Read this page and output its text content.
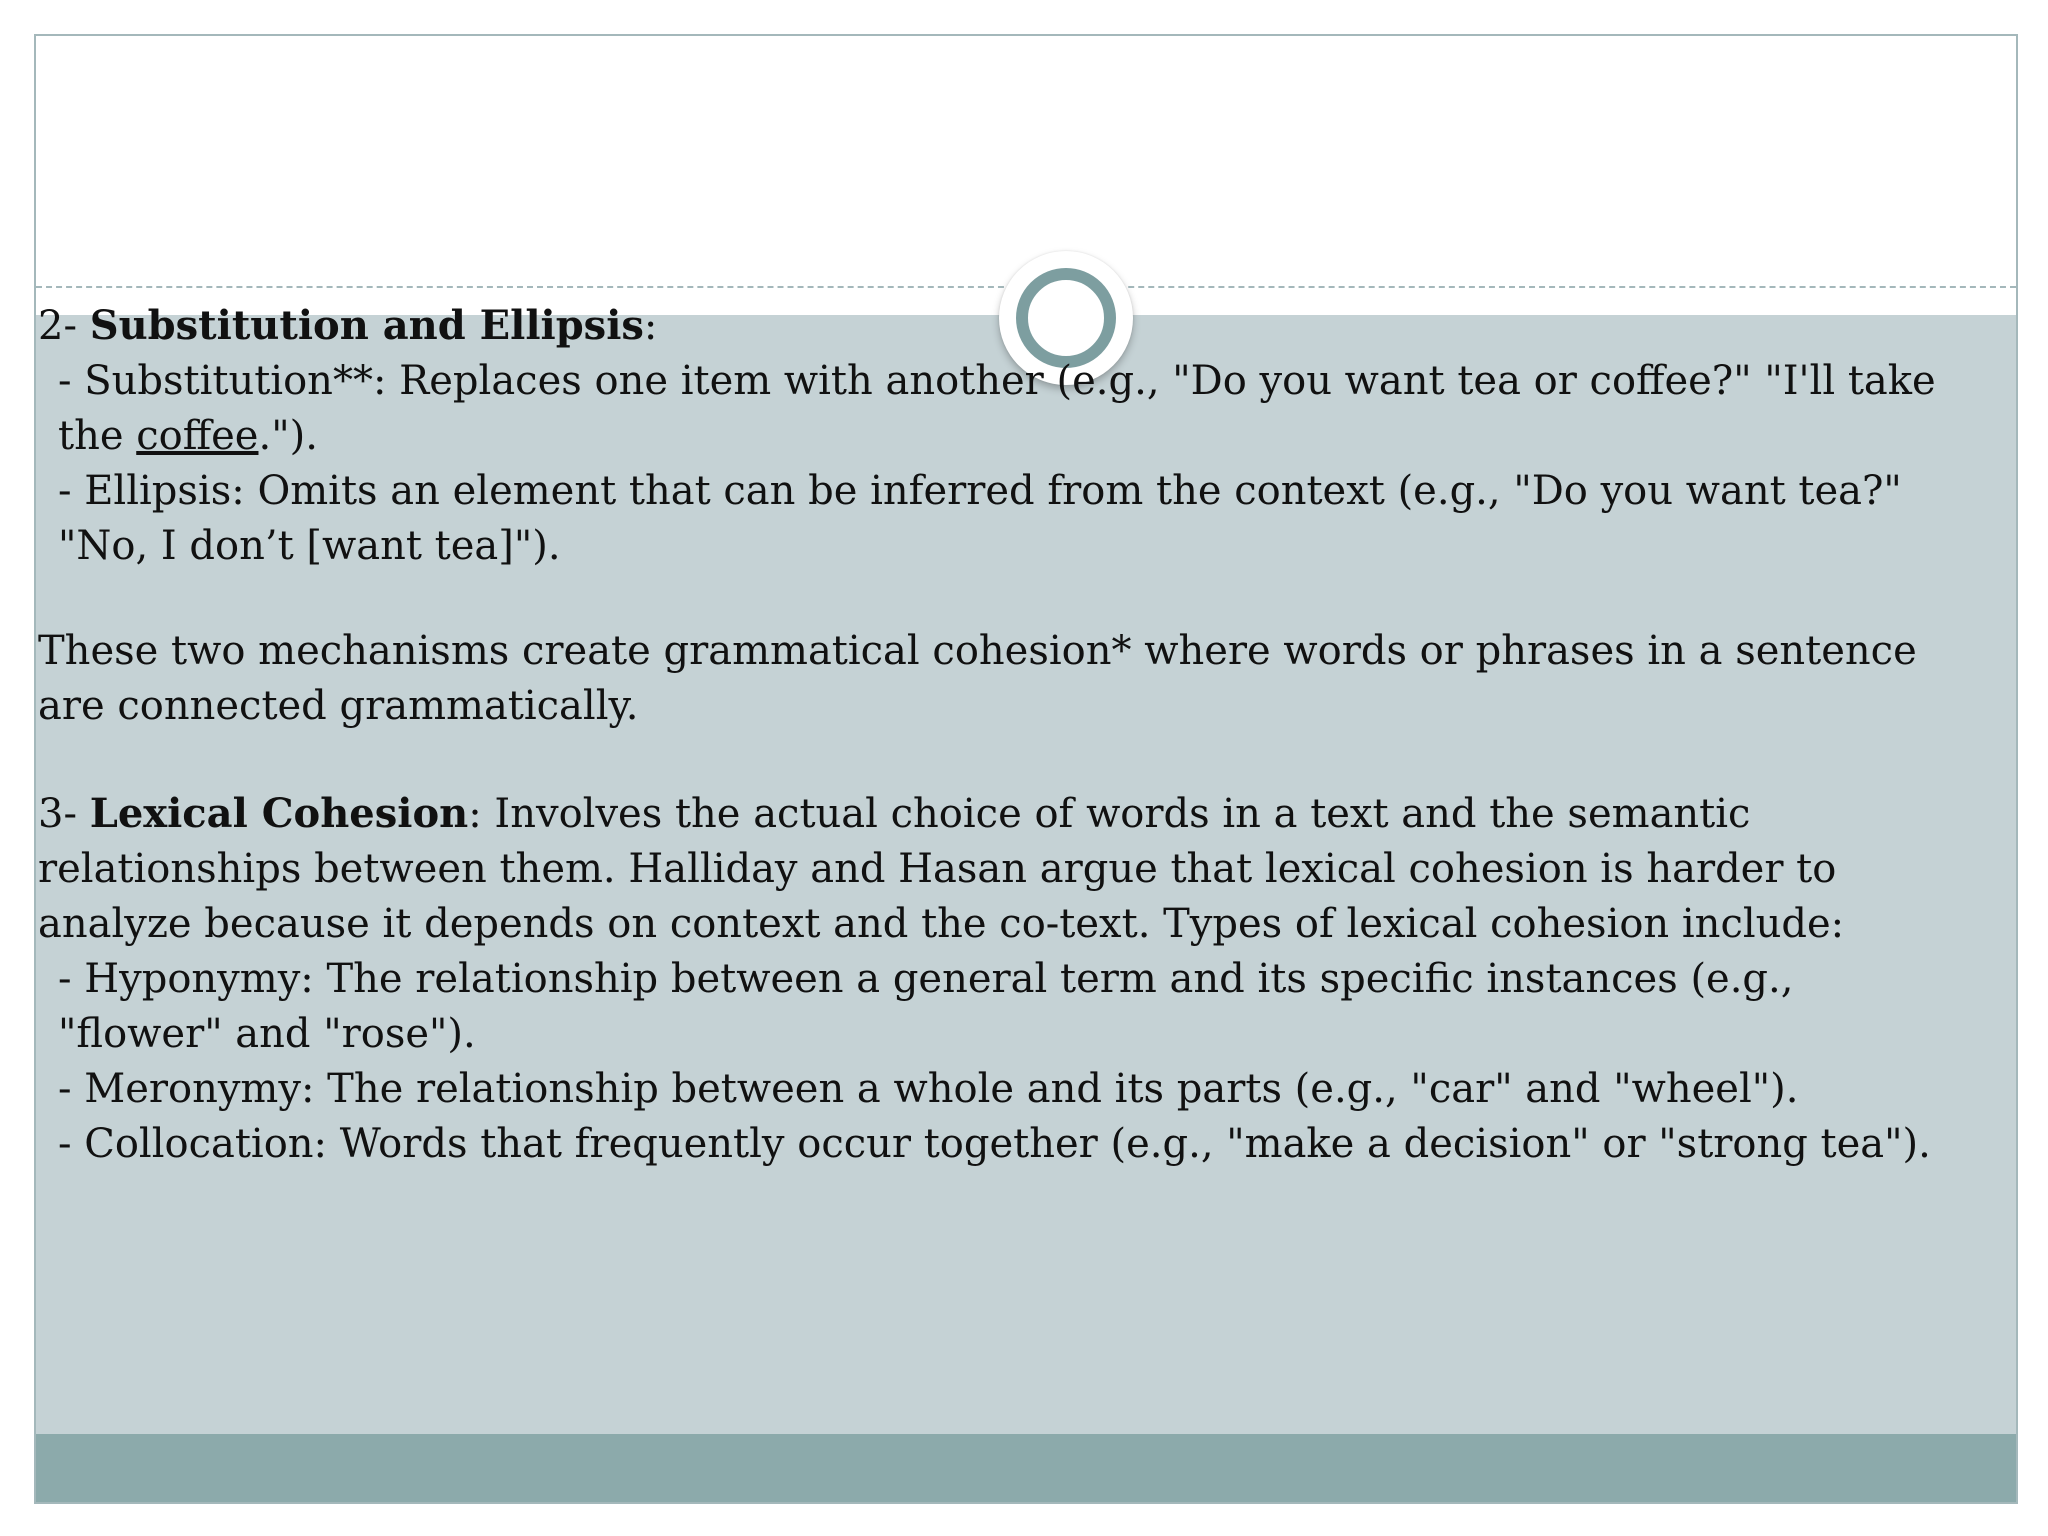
2- Substitution and Ellipsis:

- Substitution**: Replaces one item with another (e.g., "Do you want tea or coffee?" "I'll take the coffee.").

- Ellipsis: Omits an element that can be inferred from the context (e.g., "Do you want tea?" "No, I don’t [want tea]").

These two mechanisms create grammatical cohesion* where words or phrases in a sentence are connected grammatically.

3- Lexical Cohesion: Involves the actual choice of words in a text and the semantic relationships between them. Halliday and Hasan argue that lexical cohesion is harder to analyze because it depends on context and the co-text. Types of lexical cohesion include:

- Hyponymy: The relationship between a general term and its specific instances (e.g., "flower" and "rose").

- Meronymy: The relationship between a whole and its parts (e.g., "car" and "wheel").

- Collocation: Words that frequently occur together (e.g., "make a decision" or "strong tea").
